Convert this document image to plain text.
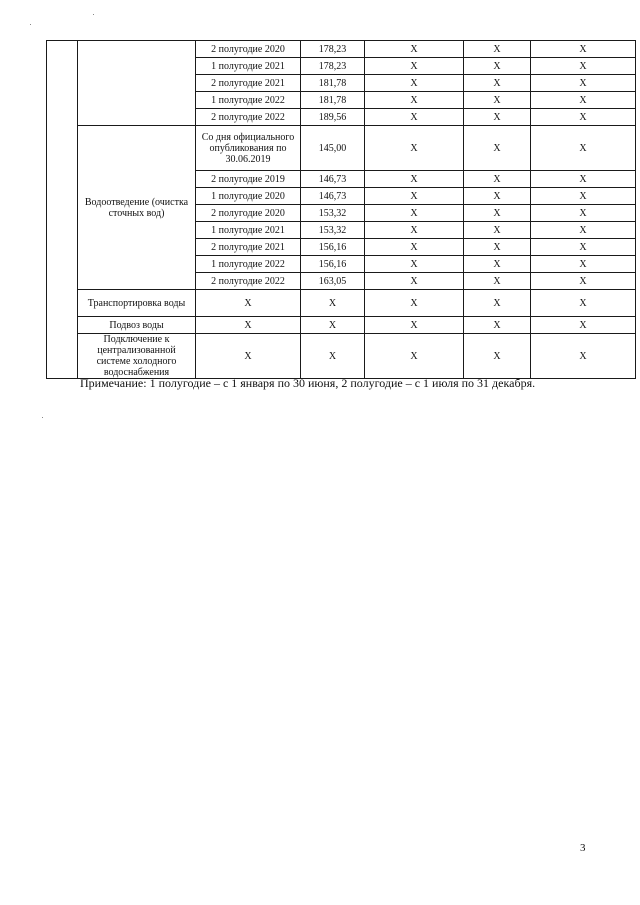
		2 полугодие 2020	178,23	Х	Х	Х
		1 полугодие 2021	178,23	Х	Х	Х
		2 полугодие 2021	181,78	Х	Х	Х
		1 полугодие 2022	181,78	Х	Х	Х
		2 полугодие 2022	189,56	Х	Х	Х
	Водоотведение (очистка сточных вод)	Со дня официального опубликования по 30.06.2019	145,00	Х	Х	Х
		2 полугодие 2019	146,73	Х	Х	Х
		1 полугодие 2020	146,73	Х	Х	Х
		2 полугодие 2020	153,32	Х	Х	Х
		1 полугодие 2021	153,32	Х	Х	Х
		2 полугодие 2021	156,16	Х	Х	Х
		1 полугодие 2022	156,16	Х	Х	Х
		2 полугодие 2022	163,05	Х	Х	Х
	Транспортировка воды	Х	Х	Х	Х	Х
	Подвоз воды	Х	Х	Х	Х	Х
	Подключение к централизованной системе холодного водоснабжения	Х	Х	Х	Х	Х

Примечание: 1 полугодие – с 1 января по 30 июня, 2 полугодие – с 1 июля по 31 декабря.

3
